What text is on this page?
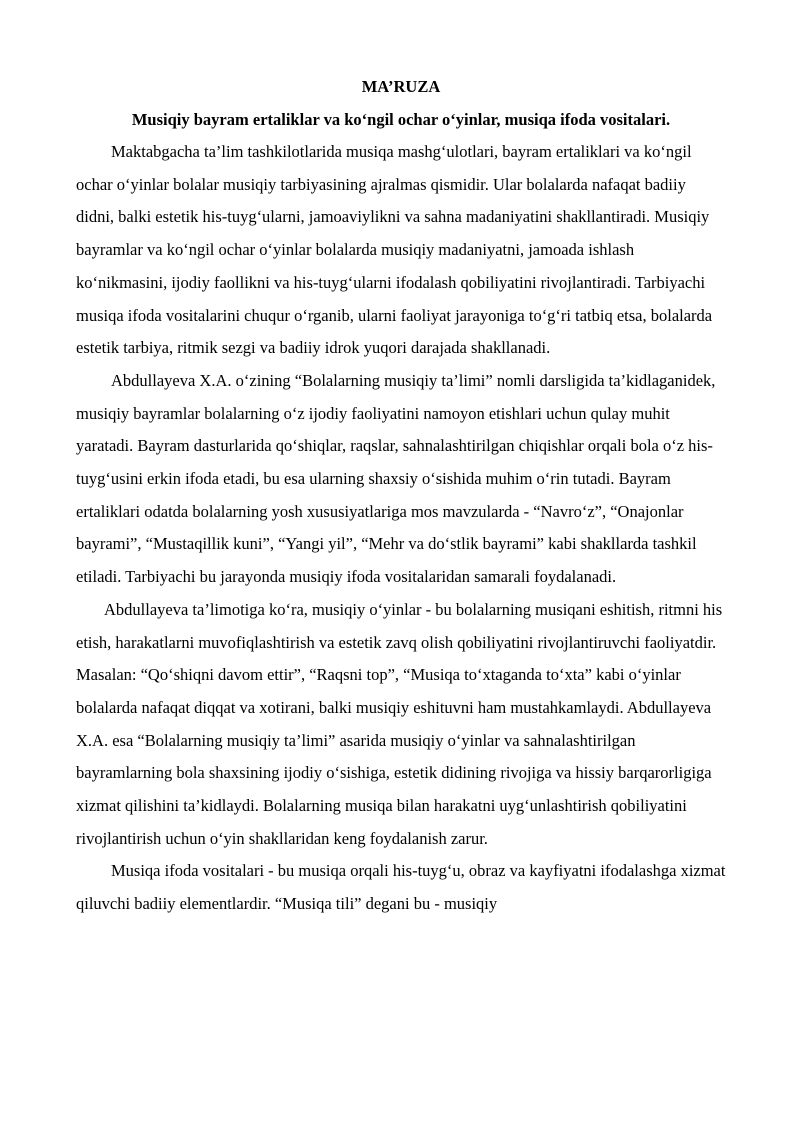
MA’RUZA
Musiqiy bayram ertaliklar va ko‘ngil ochar o‘yinlar, musiqa ifoda vositalari.

Maktabgacha ta’lim tashkilotlarida musiqa mashg‘ulotlari, bayram ertaliklari va ko‘ngil ochar o‘yinlar bolalar musiqiy tarbiyasining ajralmas qismidir. Ular bolalarda nafaqat badiiy didni, balki estetik his-tuyg‘ularni, jamoaviylikni va sahna madaniyatini shakllantiradi. Musiqiy bayramlar va ko‘ngil ochar o‘yinlar bolalarda musiqiy madaniyatni, jamoada ishlash ko‘nikmasini, ijodiy faollikni va his-tuyg‘ularni ifodalash qobiliyatini rivojlantiradi. Tarbiyachi musiqa ifoda vositalarini chuqur o‘rganib, ularni faoliyat jarayoniga to‘g‘ri tatbiq etsa, bolalarda estetik tarbiya, ritmik sezgi va badiiy idrok yuqori darajada shakllanadi.

Abdullayeva X.A. o‘zining “Bolalarning musiqiy ta’limi” nomli darsligida ta’kidlaganidek, musiqiy bayramlar bolalarning o‘z ijodiy faoliyatini namoyon etishlari uchun qulay muhit yaratadi. Bayram dasturlarida qo‘shiqlar, raqslar, sahnalashtirilgan chiqishlar orqali bola o‘z his-tuyg‘usini erkin ifoda etadi, bu esa ularning shaxsiy o‘sishida muhim o‘rin tutadi. Bayram ertaliklari odatda bolalarning yosh xususiyatlariga mos mavzularda - “Navro‘z”, “Onajonlar bayrami”, “Mustaqillik kuni”, “Yangi yil”, “Mehr va do‘stlik bayrami” kabi shakllarda tashkil etiladi. Tarbiyachi bu jarayonda musiqiy ifoda vositalaridan samarali foydalanadi.

Abdullayeva ta’limotiga ko‘ra, musiqiy o‘yinlar - bu bolalarning musiqani eshitish, ritmni his etish, harakatlarni muvofiqlashtirish va estetik zavq olish qobiliyatini rivojlantiruvchi faoliyatdir.

Masalan: “Qo‘shiqni davom ettir”, “Raqsni top”, “Musiqa to‘xtaganda to‘xta” kabi o‘yinlar bolalarda nafaqat diqqat va xotirani, balki musiqiy eshituvni ham mustahkamlaydi. Abdullayeva X.A. esa “Bolalarning musiqiy ta’limi” asarida musiqiy o‘yinlar va sahnalashtirilgan bayramlarning bola shaxsining ijodiy o‘sishiga, estetik didining rivojiga va hissiy barqarorligiga xizmat qilishini ta’kidlaydi. Bolalarning musiqa bilan harakatni uyg‘unlashtirish qobiliyatini rivojlantirish uchun o‘yin shakllaridan keng foydalanish zarur.

Musiqa ifoda vositalari - bu musiqa orqali his-tuyg‘u, obraz va kayfiyatni ifodalashga xizmat qiluvchi badiiy elementlardir. “Musiqa tili” degani bu - musiqiy
